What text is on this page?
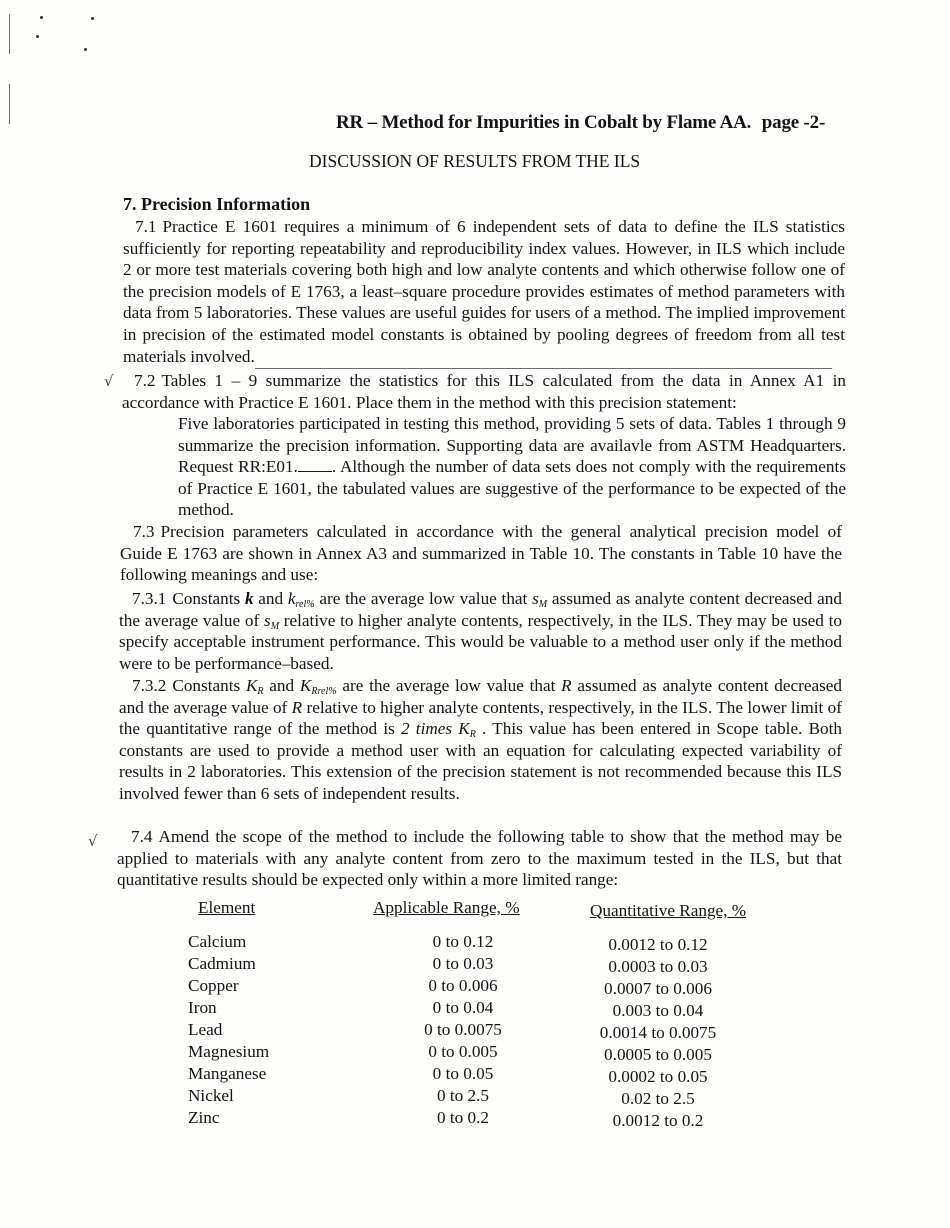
RR – Method for Impurities in Cobalt by Flame AA. page -2-
DISCUSSION OF RESULTS FROM THE ILS
7. Precision Information
7.1 Practice E 1601 requires a minimum of 6 independent sets of data to define the ILS statistics sufficiently for reporting repeatability and reproducibility index values. However, in ILS which include 2 or more test materials covering both high and low analyte contents and which otherwise follow one of the precision models of E 1763, a least–square procedure provides estimates of method parameters with data from 5 laboratories. These values are useful guides for users of a method. The implied improvement in precision of the estimated model constants is obtained by pooling degrees of freedom from all test materials involved.
√	7.2 Tables 1 – 9 summarize the statistics for this ILS calculated from the data in Annex A1 in accordance with Practice E 1601. Place them in the method with this precision statement:
Five laboratories participated in testing this method, providing 5 sets of data. Tables 1 through 9 summarize the precision information. Supporting data are availavle from ASTM Headquarters. Request RR:E01. . Although the number of data sets does not comply with the requirements of Practice E 1601, the tabulated values are suggestive of the performance to be expected of the method.
7.3 Precision parameters calculated in accordance with the general analytical precision model of Guide E 1763 are shown in Annex A3 and summarized in Table 10. The constants in Table 10 have the following meanings and use:
7.3.1 Constants k and $k_{rel\%}$ are the average low value that $s_M$ assumed as analyte content decreased and the average value of $s_M$ relative to higher analyte contents, respectively, in the ILS. They may be used to specify acceptable instrument performance. This would be valuable to a method user only if the method were to be performance–based.
7.3.2 Constants $K_R$ and $K_{Rrel\%}$ are the average low value that R assumed as analyte content decreased and the average value of R relative to higher analyte contents, respectively, in the ILS. The lower limit of the quantitative range of the method is 2 times $K_R$ . This value has been entered in Scope table. Both constants are used to provide a method user with an equation for calculating expected variability of results in 2 laboratories. This extension of the precision statement is not recommended because this ILS involved fewer than 6 sets of independent results.
√	7.4 Amend the scope of the method to include the following table to show that the method may be applied to materials with any analyte content from zero to the maximum tested in the ILS, but that quantitative results should be expected only within a more limited range:
Element	Applicable Range, %	Quantitative Range, %
Calcium	0 to 0.12	0.0012 to 0.12
Cadmium	0 to 0.03	0.0003 to 0.03
Copper	0 to 0.006	0.0007 to 0.006
Iron	0 to 0.04	0.003 to 0.04
Lead	0 to 0.0075	0.0014 to 0.0075
Magnesium	0 to 0.005	0.0005 to 0.005
Manganese	0 to 0.05	0.0002 to 0.05
Nickel	0 to 2.5	0.02 to 2.5
Zinc	0 to 0.2	0.0012 to 0.2
